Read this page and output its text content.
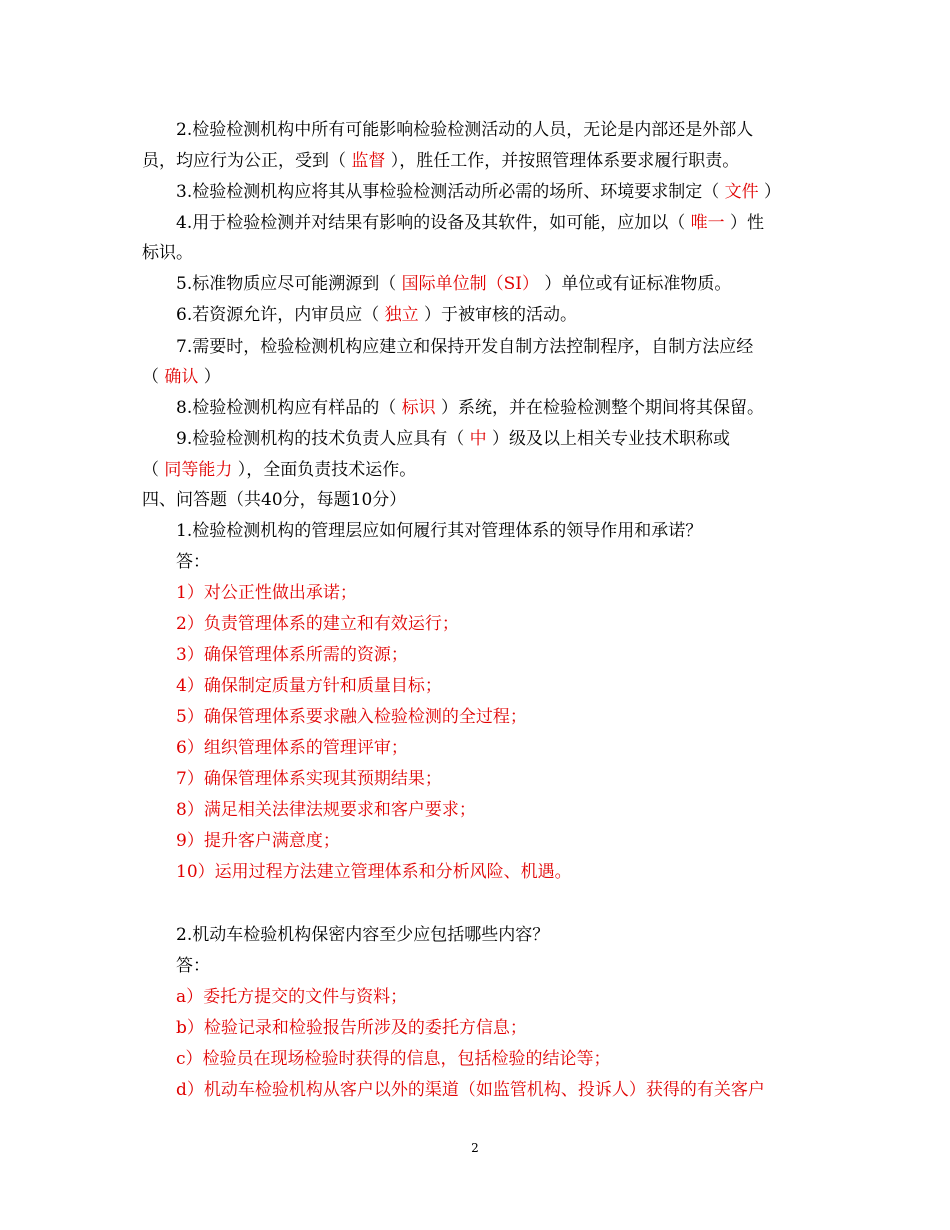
2.检验检测机构中所有可能影响检验检测活动的人员，无论是内部还是外部人
员，均应行为公正，受到（ 监督 ），胜任工作，并按照管理体系要求履行职责。
3.检验检测机构应将其从事检验检测活动所必需的场所、环境要求制定（ 文件 ）
4.用于检验检测并对结果有影响的设备及其软件，如可能，应加以（ 唯一 ）性
标识。
5.标准物质应尽可能溯源到（ 国际单位制（SI） ）单位或有证标准物质。
6.若资源允许，内审员应（ 独立 ）于被审核的活动。
7.需要时，检验检测机构应建立和保持开发自制方法控制程序，自制方法应经
（ 确认 ）
8.检验检测机构应有样品的（ 标识 ）系统，并在检验检测整个期间将其保留。
9.检验检测机构的技术负责人应具有（ 中 ）级及以上相关专业技术职称或
（ 同等能力 ），全面负责技术运作。
四、问答题（共40分，每题10分）
1.检验检测机构的管理层应如何履行其对管理体系的领导作用和承诺？
答：
1）对公正性做出承诺；
2）负责管理体系的建立和有效运行；
3）确保管理体系所需的资源；
4）确保制定质量方针和质量目标；
5）确保管理体系要求融入检验检测的全过程；
6）组织管理体系的管理评审；
7）确保管理体系实现其预期结果；
8）满足相关法律法规要求和客户要求；
9）提升客户满意度；
10）运用过程方法建立管理体系和分析风险、机遇。
2.机动车检验机构保密内容至少应包括哪些内容？
答：
a）委托方提交的文件与资料；
b）检验记录和检验报告所涉及的委托方信息；
c）检验员在现场检验时获得的信息，包括检验的结论等；
d）机动车检验机构从客户以外的渠道（如监管机构、投诉人）获得的有关客户
2
